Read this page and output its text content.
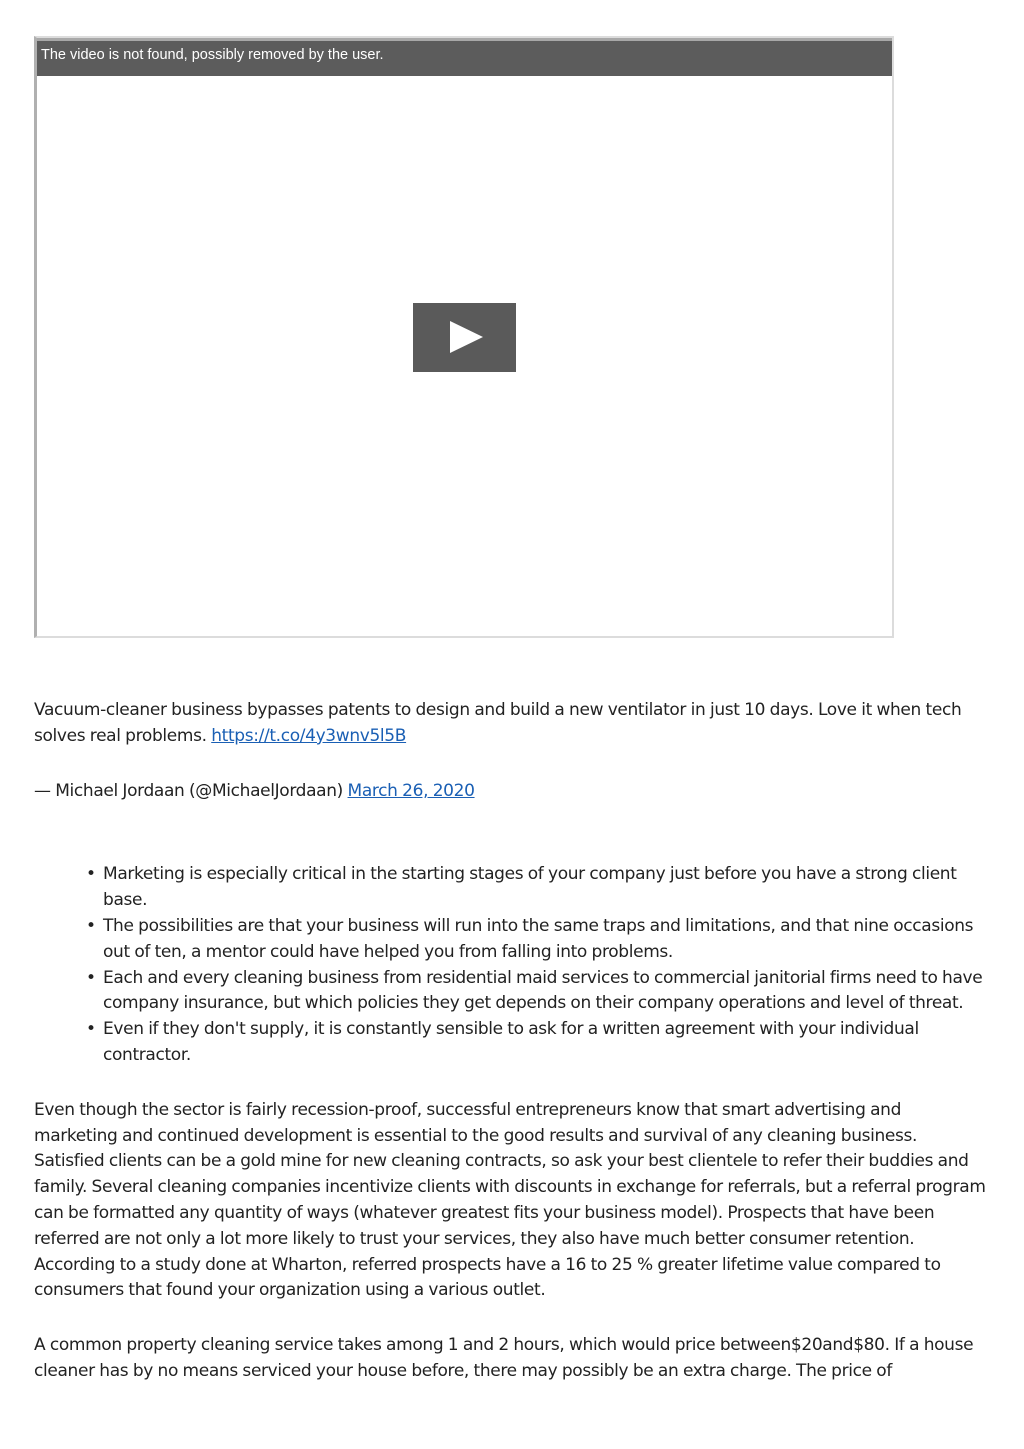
The video is not found, possibly removed by the user.

Vacuum-cleaner business bypasses patents to design and build a new ventilator in just 10 days. Love it when tech solves real problems. https://t.co/4y3wnv5l5B

— Michael Jordaan (@MichaelJordaan) March 26, 2020

• Marketing is especially critical in the starting stages of your company just before you have a strong client base.
• The possibilities are that your business will run into the same traps and limitations, and that nine occasions out of ten, a mentor could have helped you from falling into problems.
• Each and every cleaning business from residential maid services to commercial janitorial firms need to have company insurance, but which policies they get depends on their company operations and level of threat.
• Even if they don't supply, it is constantly sensible to ask for a written agreement with your individual contractor.

Even though the sector is fairly recession-proof, successful entrepreneurs know that smart advertising and marketing and continued development is essential to the good results and survival of any cleaning business. Satisfied clients can be a gold mine for new cleaning contracts, so ask your best clientele to refer their buddies and family. Several cleaning companies incentivize clients with discounts in exchange for referrals, but a referral program can be formatted any quantity of ways (whatever greatest fits your business model). Prospects that have been referred are not only a lot more likely to trust your services, they also have much better consumer retention. According to a study done at Wharton, referred prospects have a 16 to 25 % greater lifetime value compared to consumers that found your organization using a various outlet.

A common property cleaning service takes among 1 and 2 hours, which would price between$20and$80. If a house cleaner has by no means serviced your house before, there may possibly be an extra charge. The price of
